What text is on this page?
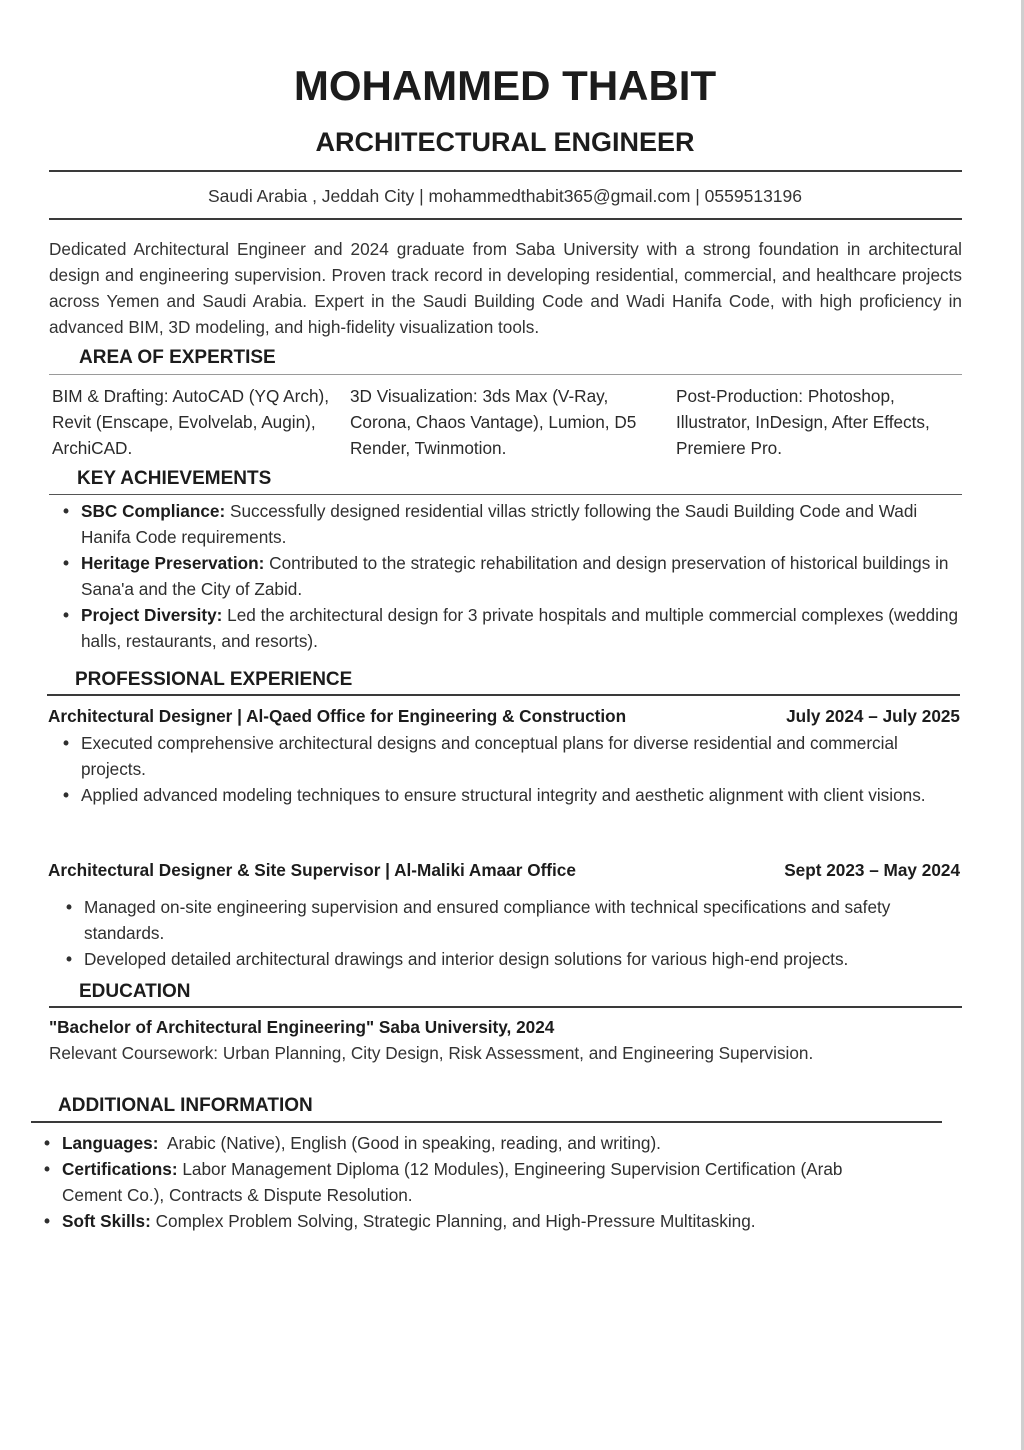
MOHAMMED THABIT
ARCHITECTURAL ENGINEER
Saudi Arabia , Jeddah City | mohammedthabit365@gmail.com | 0559513196
Dedicated Architectural Engineer and 2024 graduate from Saba University with a strong foundation in architectural design and engineering supervision. Proven track record in developing residential, commercial, and healthcare projects across Yemen and Saudi Arabia. Expert in the Saudi Building Code and Wadi Hanifa Code, with high proficiency in advanced BIM, 3D modeling, and high-fidelity visualization tools.
AREA OF EXPERTISE
BIM & Drafting: AutoCAD (YQ Arch), Revit (Enscape, Evolvelab, Augin), ArchiCAD.
3D Visualization: 3ds Max (V-Ray, Corona, Chaos Vantage), Lumion, D5 Render, Twinmotion.
Post-Production: Photoshop, Illustrator, InDesign, After Effects, Premiere Pro.
KEY ACHIEVEMENTS
• SBC Compliance: Successfully designed residential villas strictly following the Saudi Building Code and Wadi Hanifa Code requirements.
• Heritage Preservation: Contributed to the strategic rehabilitation and design preservation of historical buildings in Sana'a and the City of Zabid.
• Project Diversity: Led the architectural design for 3 private hospitals and multiple commercial complexes (wedding halls, restaurants, and resorts).
PROFESSIONAL EXPERIENCE
Architectural Designer | Al-Qaed Office for Engineering & Construction	July 2024 – July 2025
• Executed comprehensive architectural designs and conceptual plans for diverse residential and commercial projects.
• Applied advanced modeling techniques to ensure structural integrity and aesthetic alignment with client visions.
Architectural Designer & Site Supervisor | Al-Maliki Amaar Office	Sept 2023 – May 2024
• Managed on-site engineering supervision and ensured compliance with technical specifications and safety standards.
• Developed detailed architectural drawings and interior design solutions for various high-end projects.
EDUCATION
"Bachelor of Architectural Engineering" Saba University, 2024
Relevant Coursework: Urban Planning, City Design, Risk Assessment, and Engineering Supervision.
ADDITIONAL INFORMATION
• Languages:  Arabic (Native), English (Good in speaking, reading, and writing).
• Certifications: Labor Management Diploma (12 Modules), Engineering Supervision Certification (Arab Cement Co.), Contracts & Dispute Resolution.
• Soft Skills: Complex Problem Solving, Strategic Planning, and High-Pressure Multitasking.
